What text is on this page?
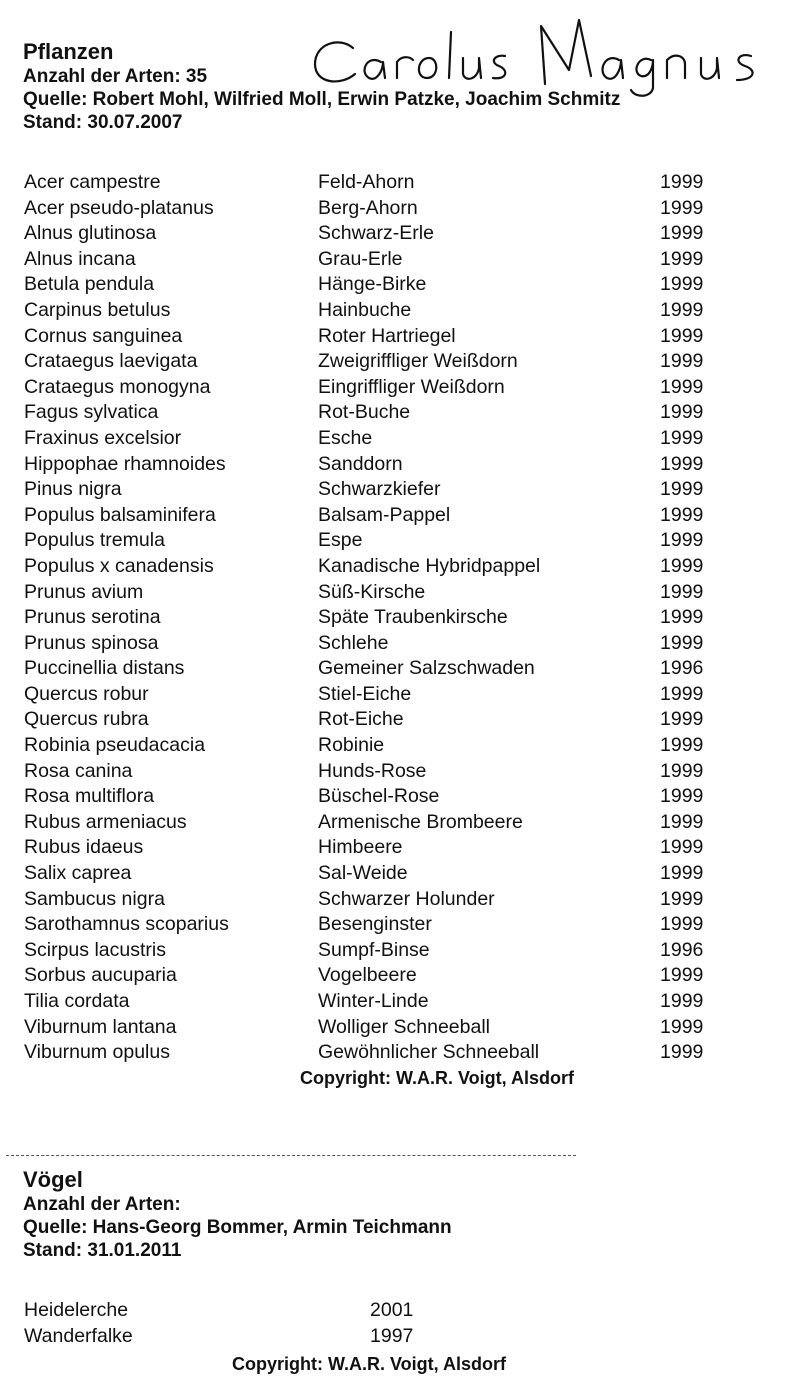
Pflanzen
Anzahl der Arten: 35
Quelle: Robert Mohl, Wilfried Moll, Erwin Patzke, Joachim Schmitz
Stand: 30.07.2007
Acer campestre	Feld-Ahorn	1999
Acer pseudo-platanus	Berg-Ahorn	1999
Alnus glutinosa	Schwarz-Erle	1999
Alnus incana	Grau-Erle	1999
Betula pendula	Hänge-Birke	1999
Carpinus betulus	Hainbuche	1999
Cornus sanguinea	Roter Hartriegel	1999
Crataegus laevigata	Zweigriffliger Weißdorn	1999
Crataegus monogyna	Eingriffliger Weißdorn	1999
Fagus sylvatica	Rot-Buche	1999
Fraxinus excelsior	Esche	1999
Hippophae rhamnoides	Sanddorn	1999
Pinus nigra	Schwarzkiefer	1999
Populus balsaminifera	Balsam-Pappel	1999
Populus tremula	Espe	1999
Populus x canadensis	Kanadische Hybridpappel	1999
Prunus avium	Süß-Kirsche	1999
Prunus serotina	Späte Traubenkirsche	1999
Prunus spinosa	Schlehe	1999
Puccinellia distans	Gemeiner Salzschwaden	1996
Quercus robur	Stiel-Eiche	1999
Quercus rubra	Rot-Eiche	1999
Robinia pseudacacia	Robinie	1999
Rosa canina	Hunds-Rose	1999
Rosa multiflora	Büschel-Rose	1999
Rubus armeniacus	Armenische Brombeere	1999
Rubus idaeus	Himbeere	1999
Salix caprea	Sal-Weide	1999
Sambucus nigra	Schwarzer Holunder	1999
Sarothamnus scoparius	Besenginster	1999
Scirpus lacustris	Sumpf-Binse	1996
Sorbus aucuparia	Vogelbeere	1999
Tilia cordata	Winter-Linde	1999
Viburnum lantana	Wolliger Schneeball	1999
Viburnum opulus	Gewöhnlicher Schneeball	1999
Copyright: W.A.R. Voigt, Alsdorf
Vögel
Anzahl der Arten:
Quelle: Hans-Georg Bommer, Armin Teichmann
Stand: 31.01.2011
Heidelerche	2001
Wanderfalke	1997
Copyright: W.A.R. Voigt, Alsdorf
